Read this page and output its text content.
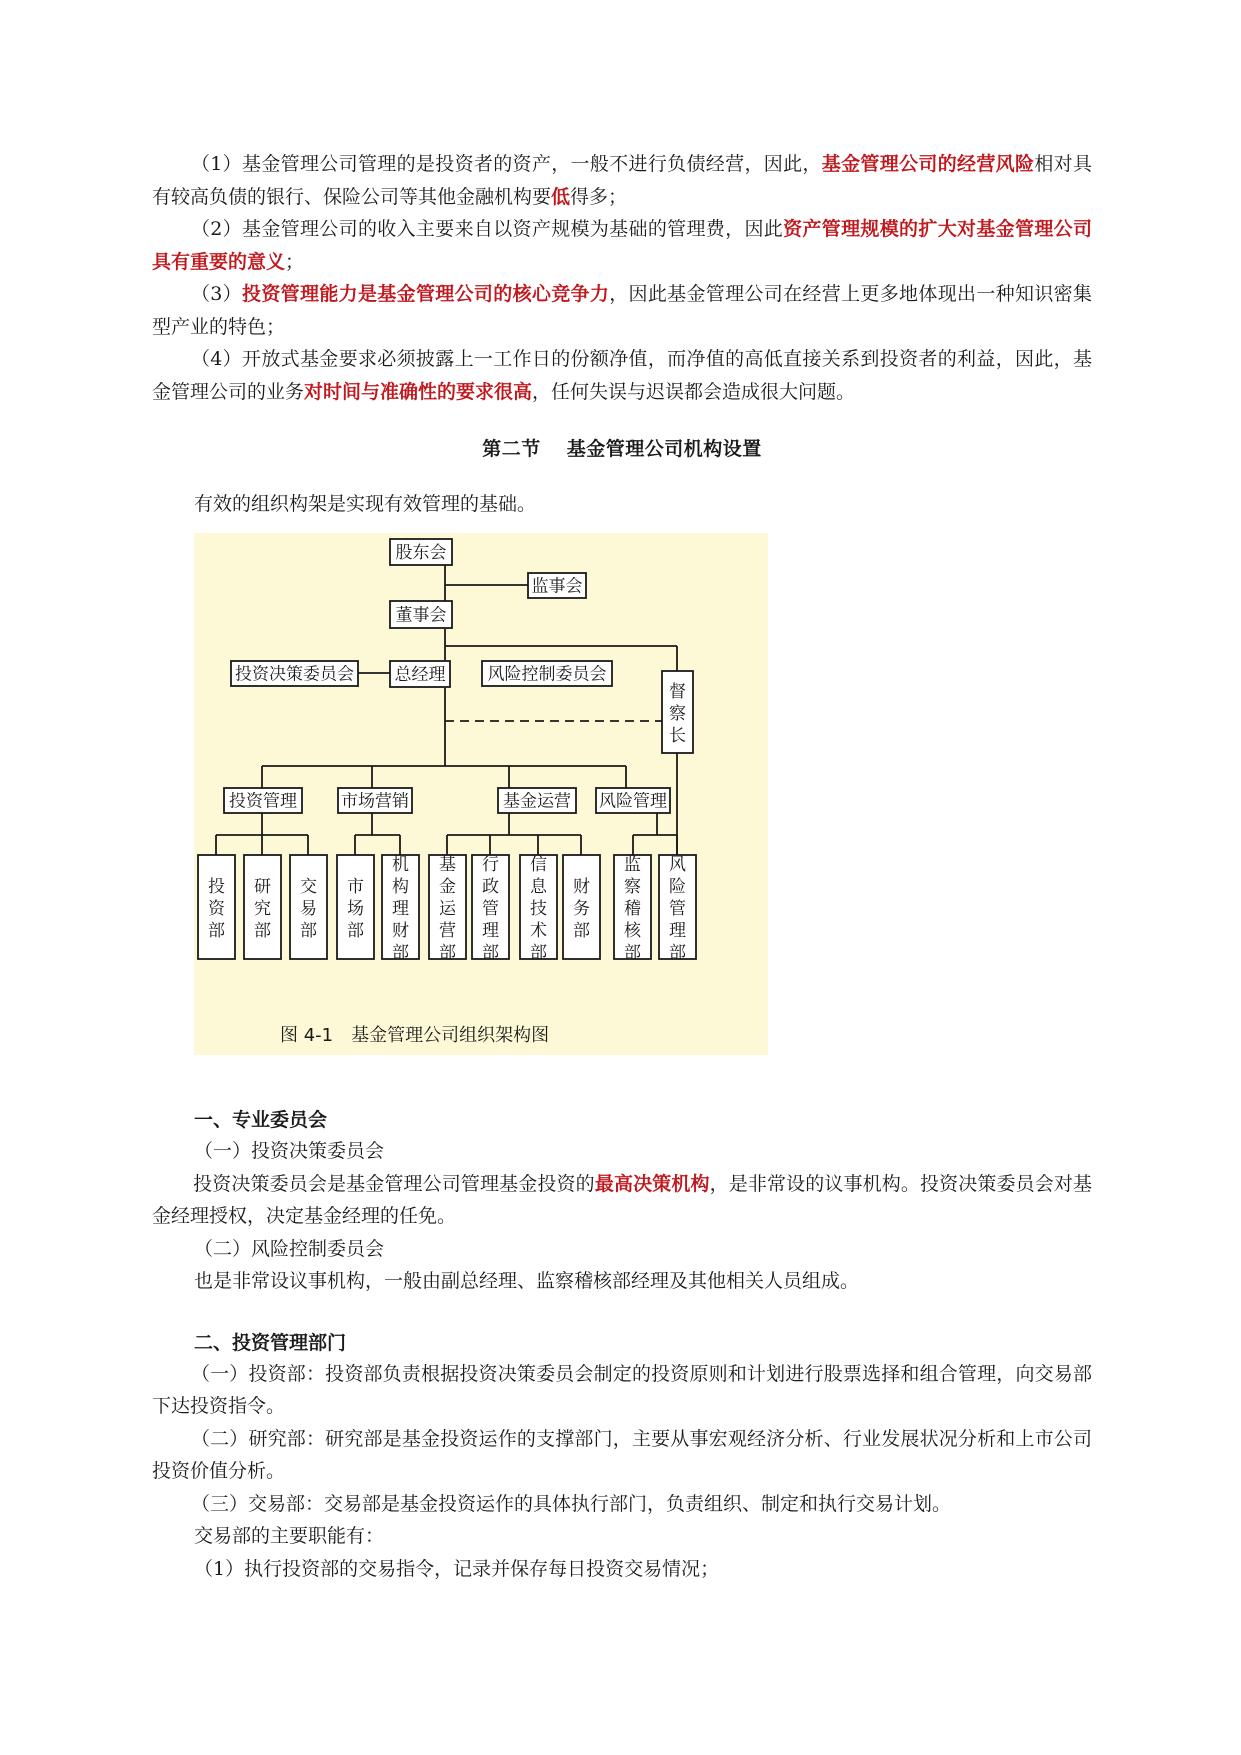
（1）基金管理公司管理的是投资者的资产，一般不进行负债经营，因此，基金管理公司的经营风险相对具有较高负债的银行、保险公司等其他金融机构要低得多；

（2）基金管理公司的收入主要来自以资产规模为基础的管理费，因此资产管理规模的扩大对基金管理公司具有重要的意义；

（3）投资管理能力是基金管理公司的核心竞争力，因此基金管理公司在经营上更多地体现出一种知识密集型产业的特色；

（4）开放式基金要求必须披露上一工作日的份额净值，而净值的高低直接关系到投资者的利益，因此，基金管理公司的业务对时间与准确性的要求很高，任何失误与迟误都会造成很大问题。

第二节 基金管理公司机构设置

有效的组织构架是实现有效管理的基础。

股东会
监事会
董事会
投资决策委员会 总经理 风险控制委员会
督
察
长
投资管理	市场营销	基金运营 风险管理
投
资
部
研
究
部
交
易
部
市
场
部
机
构
理
财
部
基
金
运
营
部
行
政
管
理
部
信
息
技
术
部
财
务
部
监
察
稽
核
部
风
险
管
理
部
图 4-1　基金管理公司组织架构图

一、专业委员会

（一）投资决策委员会

投资决策委员会是基金管理公司管理基金投资的最高决策机构，是非常设的议事机构。投资决策委员会对基金经理授权，决定基金经理的任免。

（二）风险控制委员会

也是非常设议事机构，一般由副总经理、监察稽核部经理及其他相关人员组成。

二、投资管理部门

（一）投资部：投资部负责根据投资决策委员会制定的投资原则和计划进行股票选择和组合管理，向交易部下达投资指令。

（二）研究部：研究部是基金投资运作的支撑部门，主要从事宏观经济分析、行业发展状况分析和上市公司投资价值分析。

（三）交易部：交易部是基金投资运作的具体执行部门，负责组织、制定和执行交易计划。

交易部的主要职能有：

（1）执行投资部的交易指令，记录并保存每日投资交易情况；
